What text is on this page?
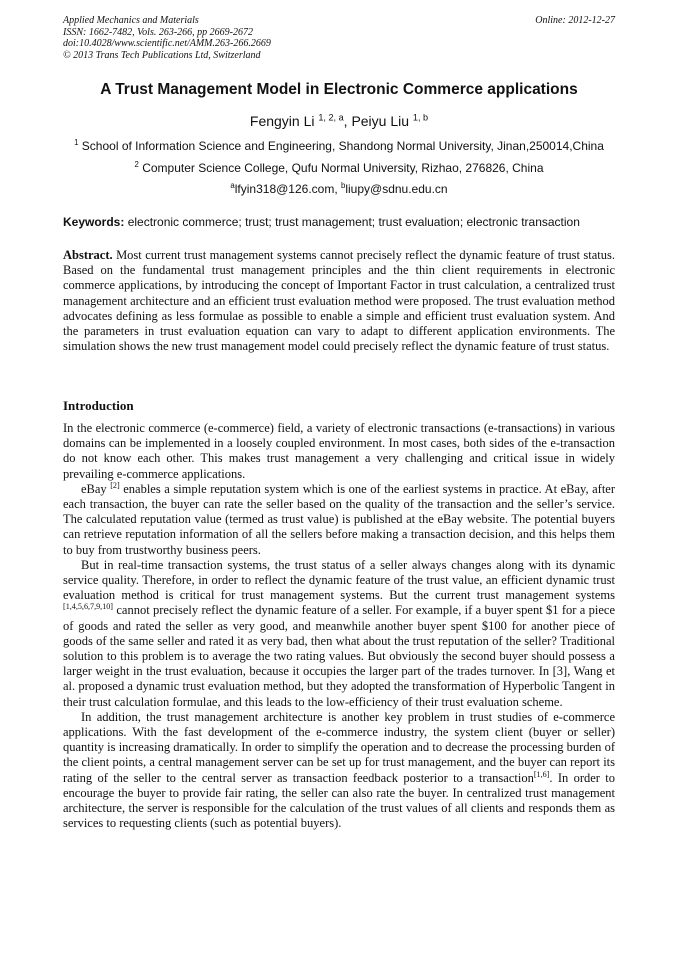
Applied Mechanics and Materials
ISSN: 1662-7482, Vols. 263-266, pp 2669-2672
doi:10.4028/www.scientific.net/AMM.263-266.2669
© 2013 Trans Tech Publications Ltd, Switzerland
Online: 2012-12-27
A Trust Management Model in Electronic Commerce applications
Fengyin Li $^{1, 2, a}$, Peiyu Liu $^{1, b}$
$^1$ School of Information Science and Engineering, Shandong Normal University, Jinan,250014,China
$^2$ Computer Science College, Qufu Normal University, Rizhao, 276826, China
$^a$lfyin318@126.com, $^b$liupy@sdnu.edu.cn
Keywords: electronic commerce; trust; trust management; trust evaluation; electronic transaction

Abstract. Most current trust management systems cannot precisely reflect the dynamic feature of trust status. Based on the fundamental trust management principles and the thin client requirements in electronic commerce applications, by introducing the concept of Important Factor in trust calculation, a centralized trust management architecture and an efficient trust evaluation method were proposed. The trust evaluation method advocates defining as less formulae as possible to enable a simple and efficient trust evaluation system. And the parameters in trust evaluation equation can vary to adapt to different application environments. The simulation shows the new trust management model could precisely reflect the dynamic feature of trust status.

Introduction

In the electronic commerce (e-commerce) field, a variety of electronic transactions (e-transactions) in various domains can be implemented in a loosely coupled environment. In most cases, both sides of the e-transaction do not know each other. This makes trust management a very challenging and critical issue in widely prevailing e-commerce applications.

eBay [2] enables a simple reputation system which is one of the earliest systems in practice. At eBay, after each transaction, the buyer can rate the seller based on the quality of the transaction and the seller’s service. The calculated reputation value (termed as trust value) is published at the eBay website. The potential buyers can retrieve reputation information of all the sellers before making a transaction decision, and this helps them to buy from trustworthy business peers.

But in real-time transaction systems, the trust status of a seller always changes along with its dynamic service quality. Therefore, in order to reflect the dynamic feature of the trust value, an efficient dynamic trust evaluation method is critical for trust management systems. But the current trust management systems [1,4,5,6,7,9,10] cannot precisely reflect the dynamic feature of a seller. For example, if a buyer spent $1 for a piece of goods and rated the seller as very good, and meanwhile another buyer spent $100 for another piece of goods of the same seller and rated it as very bad, then what about the trust reputation of the seller? Traditional solution to this problem is to average the two rating values. But obviously the second buyer should possess a larger weight in the trust evaluation, because it occupies the larger part of the trades turnover. In [3], Wang et al. proposed a dynamic trust evaluation method, but they adopted the transformation of Hyperbolic Tangent in their trust calculation formulae, and this leads to the low-efficiency of their trust evaluation scheme.

In addition, the trust management architecture is another key problem in trust studies of e-commerce applications. With the fast development of the e-commerce industry, the system client (buyer or seller) quantity is increasing dramatically. In order to simplify the operation and to decrease the processing burden of the client points, a central management server can be set up for trust management, and the buyer can report its rating of the seller to the central server as transaction feedback posterior to a transaction[1,6]. In order to encourage the buyer to provide fair rating, the seller can also rate the buyer. In centralized trust management architecture, the server is responsible for the calculation of the trust values of all clients and responds them as services to requesting clients (such as potential buyers).
